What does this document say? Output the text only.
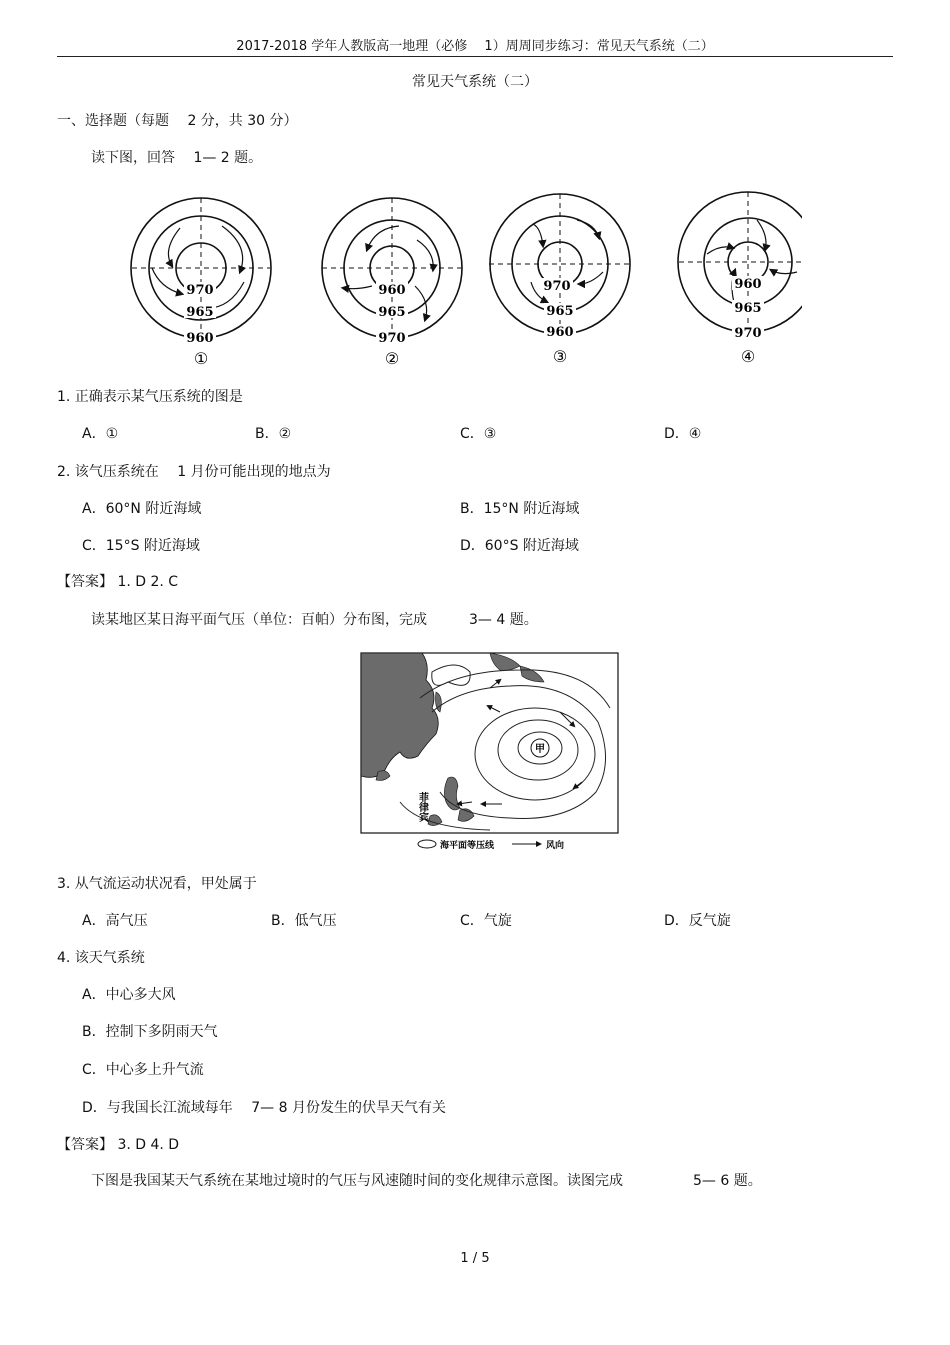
2017-2018 学年人教版高一地理（必修　 1）周周同步练习：常见天气系统（二）
常见天气系统（二）
一、选择题（每题　 2 分，共 30 分）
读下图，回答　 1— 2 题。
970
965
960
①
960
965
970
②
970
965
960
③
960
965
970
④
1. 正确表示某气压系统的图是
A．①	B．②	C．③	D．④
2. 该气压系统在　 1 月份可能出现的地点为
A．60°N 附近海域	B．15°N 附近海域
C．15°S 附近海域	D．60°S 附近海域
【答案】 1. D 2. C
读某地区某日海平面气压（单位：百帕）分布图，完成　　　3— 4 题。
甲
菲律宾
海平面等压线	风向
3. 从气流运动状况看，甲处属于
A．高气压	B．低气压	C．气旋	D．反气旋
4. 该天气系统
A．中心多大风
B．控制下多阴雨天气
C．中心多上升气流
D．与我国长江流域每年　 7— 8 月份发生的伏旱天气有关
【答案】 3. D 4. D
下图是我国某天气系统在某地过境时的气压与风速随时间的变化规律示意图。读图完成　　　　　5— 6 题。
1 / 5
